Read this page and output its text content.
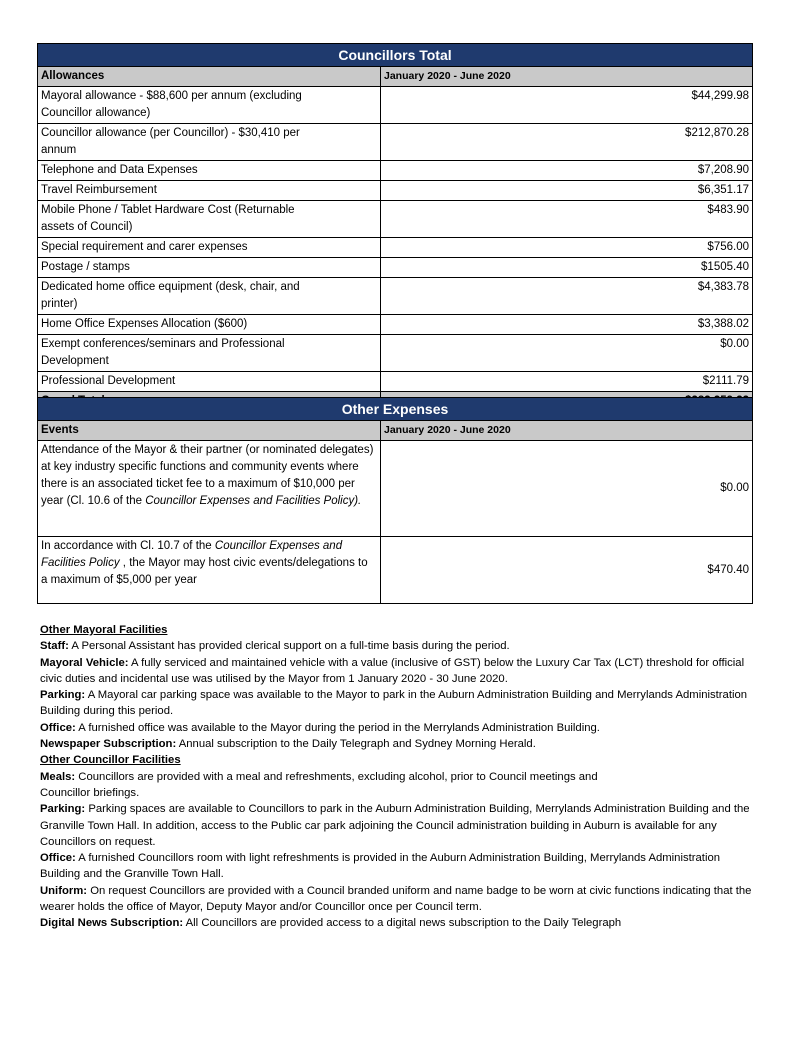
Councillors Total	
Allowances	January 2020 - June 2020
Mayoral allowance - $88,600 per annum (excluding Councillor allowance)	$44,299.98
Councillor allowance (per Councillor) - $30,410 per annum	$212,870.28
Telephone and Data Expenses	$7,208.90
Travel Reimbursement	$6,351.17
Mobile Phone / Tablet Hardware Cost (Returnable assets of Council)	$483.90
Special requirement and carer expenses	$756.00
Postage / stamps	$1505.40
Dedicated home office equipment (desk, chair, and printer)	$4,383.78
Home Office Expenses Allocation ($600)	$3,388.02
Exempt conferences/seminars and Professional Development	$0.00
Professional Development	$2111.79

Other Expenses	
Events	January 2020 - June 2020
Attendance of the Mayor & their partner (or nominated delegates) at key industry specific functions and community events where there is an associated ticket fee to a maximum of $10,000 per year (Cl. 10.6 of the Councillor Expenses and Facilities Policy).	$0.00
In accordance with Cl. 10.7 of the Councillor Expenses and Facilities Policy , the Mayor may host civic events/delegations to a maximum of $5,000 per year	$470.40

Other Mayoral Facilities

Staff: A Personal Assistant has provided clerical support on a full-time basis during the period.

Mayoral Vehicle: A fully serviced and maintained vehicle with a value (inclusive of GST) below the Luxury Car Tax (LCT) threshold for official civic duties and incidental use was utilised by the Mayor from 1 January 2020 - 30 June 2020.

Parking: A Mayoral car parking space was available to the Mayor to park in the Auburn Administration Building and Merrylands Administration Building during this period.

Office: A furnished office was available to the Mayor during the period in the Merrylands Administration Building.

Newspaper Subscription: Annual subscription to the Daily Telegraph and Sydney Morning Herald.

Other Councillor Facilities

Meals: Councillors are provided with a meal and refreshments, excluding alcohol, prior to Council meetings and Councillor briefings.

Parking: Parking spaces are available to Councillors to park in the Auburn Administration Building, Merrylands Administration Building and the Granville Town Hall. In addition, access to the Public car park adjoining the Council administration building in Auburn is available for any Councillors on request.

Office: A furnished Councillors room with light refreshments is provided in the Auburn Administration Building, Merrylands Administration Building and the Granville Town Hall.

Uniform: On request Councillors are provided with a Council branded uniform and name badge to be worn at civic functions indicating that the wearer holds the office of Mayor, Deputy Mayor and/or Councillor once per Council term.

Digital News Subscription: All Councillors are provided access to a digital news subscription to the Daily Telegraph
